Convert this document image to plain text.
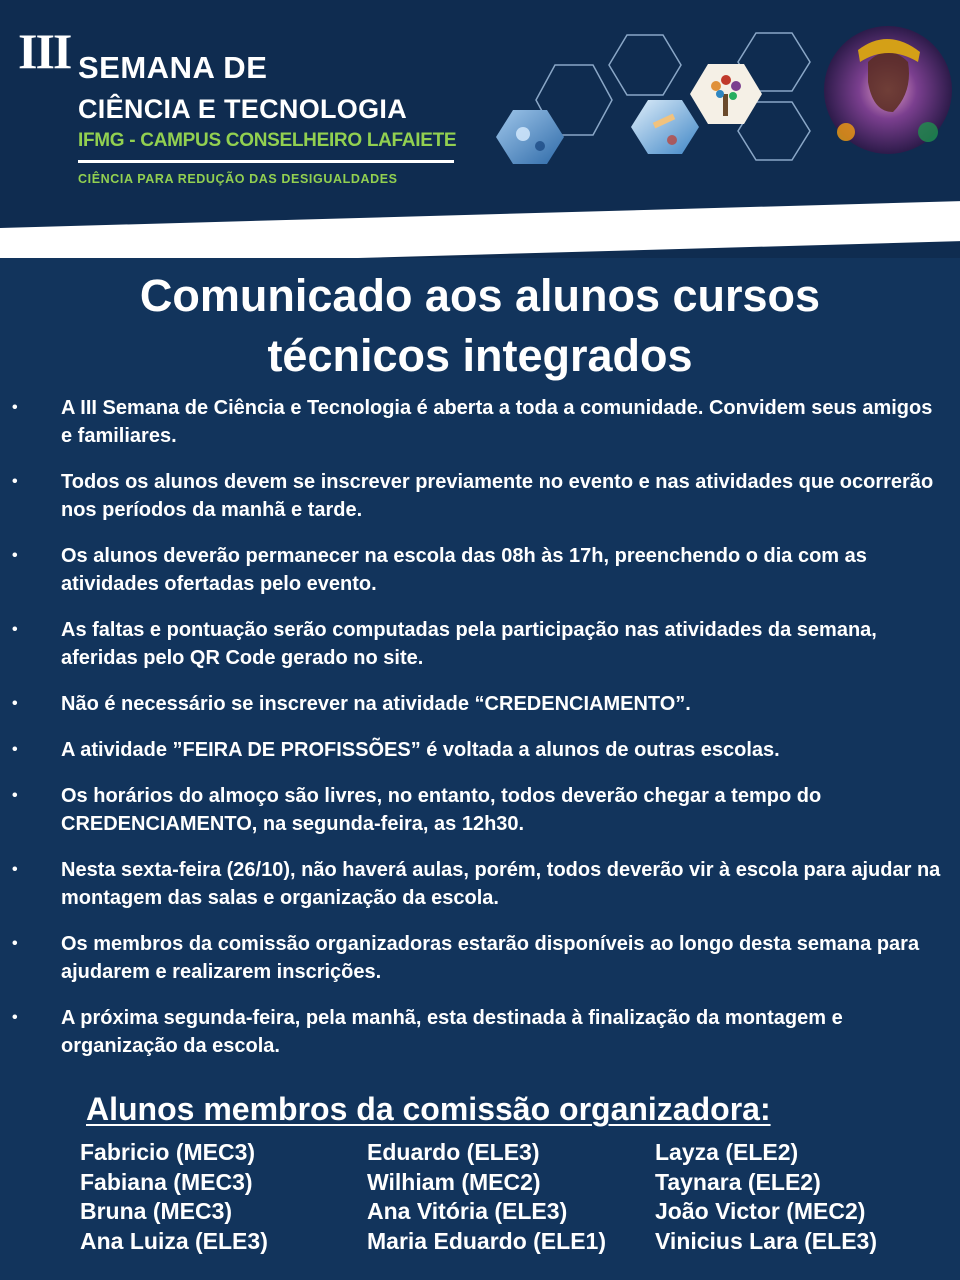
III SEMANA DE
CIÊNCIA E TECNOLOGIA
IFMG - CAMPUS CONSELHEIRO LAFAIETE
CIÊNCIA PARA REDUÇÃO DAS DESIGUALDADES
Comunicado aos alunos cursos
técnicos integrados
• A III Semana de Ciência e Tecnologia é aberta a toda a comunidade. Convidem seus amigos e familiares.
• Todos os alunos devem se inscrever previamente no evento e nas atividades que ocorrerão nos períodos da manhã e tarde.
• Os alunos deverão permanecer na escola das 08h às 17h, preenchendo o dia com as atividades ofertadas pelo evento.
• As faltas e pontuação serão computadas pela participação nas atividades da semana, aferidas pelo QR Code gerado no site.
• Não é necessário se inscrever na atividade “CREDENCIAMENTO”.
• A atividade ”FEIRA DE PROFISSÕES” é voltada a alunos de outras escolas.
• Os horários do almoço são livres, no entanto, todos deverão chegar a tempo do CREDENCIAMENTO, na segunda-feira, as 12h30.
• Nesta sexta-feira (26/10), não haverá aulas, porém, todos deverão vir à escola para ajudar na montagem das salas e organização da escola.
• Os membros da comissão organizadoras estarão disponíveis ao longo desta semana para ajudarem e realizarem inscrições.
• A próxima segunda-feira, pela manhã, esta destinada à finalização da montagem e organização da escola.
Alunos membros da comissão organizadora:
Fabricio (MEC3)
Fabiana (MEC3)
Bruna (MEC3)
Ana Luiza (ELE3)
Eduardo (ELE3)
Wilhiam (MEC2)
Ana Vitória (ELE3)
Maria Eduardo (ELE1)
Layza (ELE2)
Taynara (ELE2)
João Victor (MEC2)
Vinicius Lara (ELE3)
